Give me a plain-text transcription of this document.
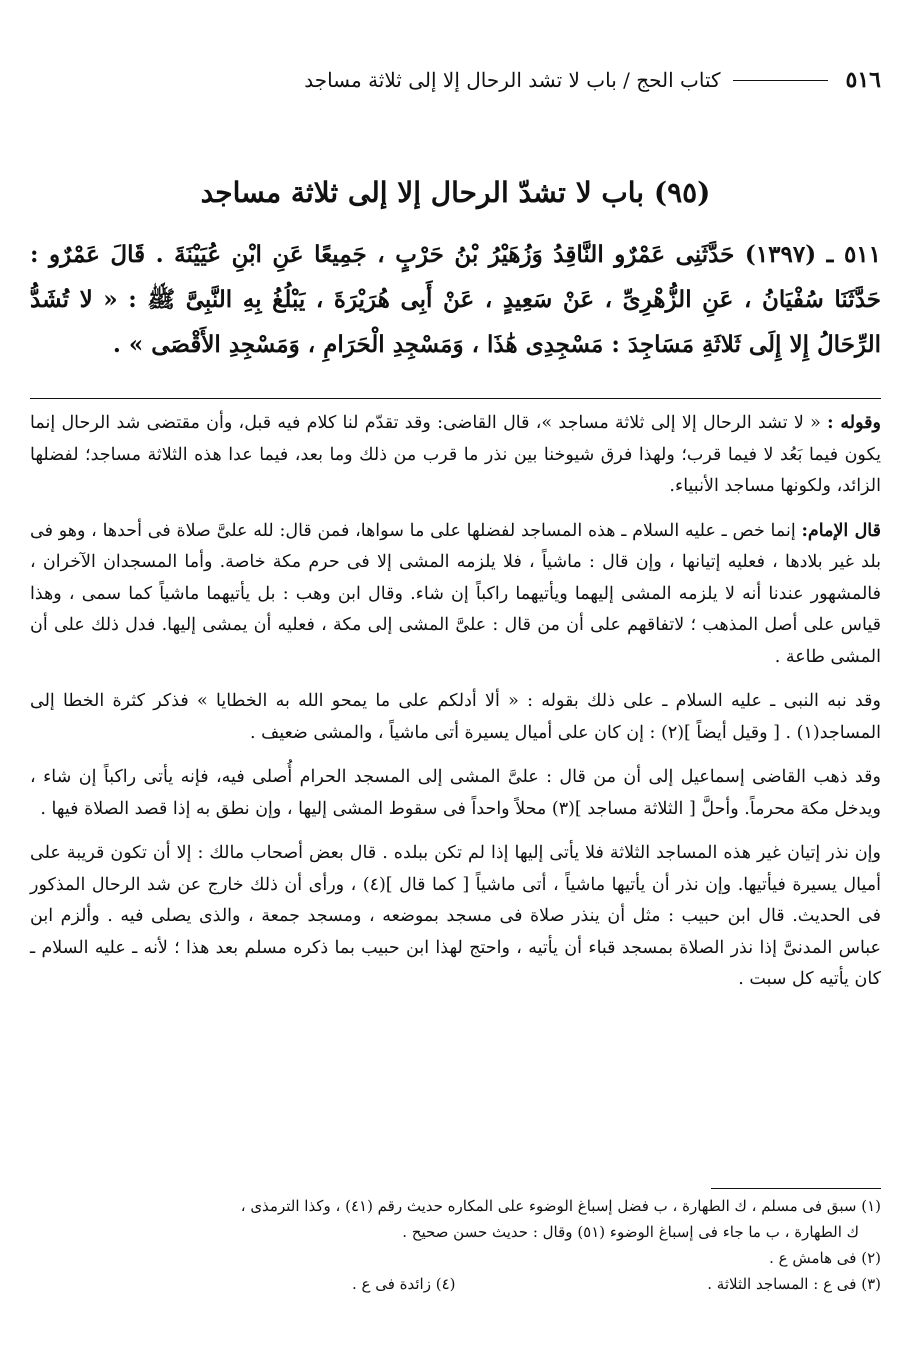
٥١٦
كتاب الحج / باب لا تشد الرحال إلا إلى ثلاثة مساجد
(٩٥) باب لا تشدّ الرحال إلا إلى ثلاثة مساجد
٥١١ ـ (١٣٩٧) حَدَّثَنِى عَمْرٌو النَّاقِدُ وَزُهَيْرُ بْنُ حَرْبٍ ، جَمِيعًا عَنِ ابْنِ عُيَيْنَةَ . قَالَ عَمْرٌو : حَدَّثَنَا سُفْيَانُ ، عَنِ الزُّهْرِىِّ ، عَنْ سَعِيدٍ ، عَنْ أَبِى هُرَيْرَةَ ، يَبْلُغُ بِهِ النَّبِىَّ ﷺ : « لا تُشَدُّ الرِّحَالُ إِلا إِلَى ثَلاثَةِ مَسَاجِدَ : مَسْجِدِى هَٰذَا ، وَمَسْجِدِ الْحَرَامِ ، وَمَسْجِدِ الأَقْصَى » .

وقوله : « لا تشد الرحال إلا إلى ثلاثة مساجد »، قال القاضى: وقد تقدّم لنا كلام فيه قبل، وأن مقتضى شد الرحال إنما يكون فيما بَعُد لا فيما قرب؛ ولهذا فرق شيوخنا بين نذر ما قرب من ذلك وما بعد، فيما عدا هذه الثلاثة مساجد؛ لفضلها الزائد، ولكونها مساجد الأنبياء.

قال الإمام: إنما خص ـ عليه السلام ـ هذه المساجد لفضلها على ما سواها، فمن قال: لله علىَّ صلاة فى أحدها ، وهو فى بلد غير بلادها ، فعليه إتيانها ، وإن قال : ماشياً ، فلا يلزمه المشى إلا فى حرم مكة خاصة. وأما المسجدان الآخران ، فالمشهور عندنا أنه لا يلزمه المشى إليهما ويأتيهما راكباً إن شاء. وقال ابن وهب : بل يأتيهما ماشياً كما سمى ، وهذا قياس على أصل المذهب ؛ لاتفاقهم على أن من قال : علىَّ المشى إلى مكة ، فعليه أن يمشى إليها. فدل ذلك على أن المشى طاعة .

وقد نبه النبى ـ عليه السلام ـ على ذلك بقوله : « ألا أدلكم على ما يمحو الله به الخطايا » فذكر كثرة الخطا إلى المساجد(١) . [ وقيل أيضاً ](٢) : إن كان على أميال يسيرة أتى ماشياً ، والمشى ضعيف .

وقد ذهب القاضى إسماعيل إلى أن من قال : علىَّ المشى إلى المسجد الحرام أُصلى فيه، فإنه يأتى راكباً إن شاء ، ويدخل مكة محرماً. وأحلَّ [ الثلاثة مساجد ](٣) محلاً واحداً فى سقوط المشى إليها ، وإن نطق به إذا قصد الصلاة فيها .

وإن نذر إتيان غير هذه المساجد الثلاثة فلا يأتى إليها إذا لم تكن ببلده . قال بعض أصحاب مالك : إلا أن تكون قريبة على أميال يسيرة فيأتيها. وإن نذر أن يأتيها ماشياً ، أتى ماشياً [ كما قال ](٤) ، ورأى أن ذلك خارج عن شد الرحال المذكور فى الحديث. قال ابن حبيب : مثل أن ينذر صلاة فى مسجد بموضعه ، ومسجد جمعة ، والذى يصلى فيه . وألزم ابن عباس المدنىَّ إذا نذر الصلاة بمسجد قباء أن يأتيه ، واحتج لهذا ابن حبيب بما ذكره مسلم بعد هذا ؛ لأنه ـ عليه السلام ـ كان يأتيه كل سبت .

(١) سبق فى مسلم ، ك الطهارة ، ب فضل إسباغ الوضوء على المكاره حديث رقم (٤١) ، وكذا الترمذى ،

ك الطهارة ، ب ما جاء فى إسباغ الوضوء (٥١) وقال : حديث حسن صحيح .

(٢) فى هامش ع .

(٣) فى ع : المساجد الثلاثة .

(٤) زائدة فى ع .
